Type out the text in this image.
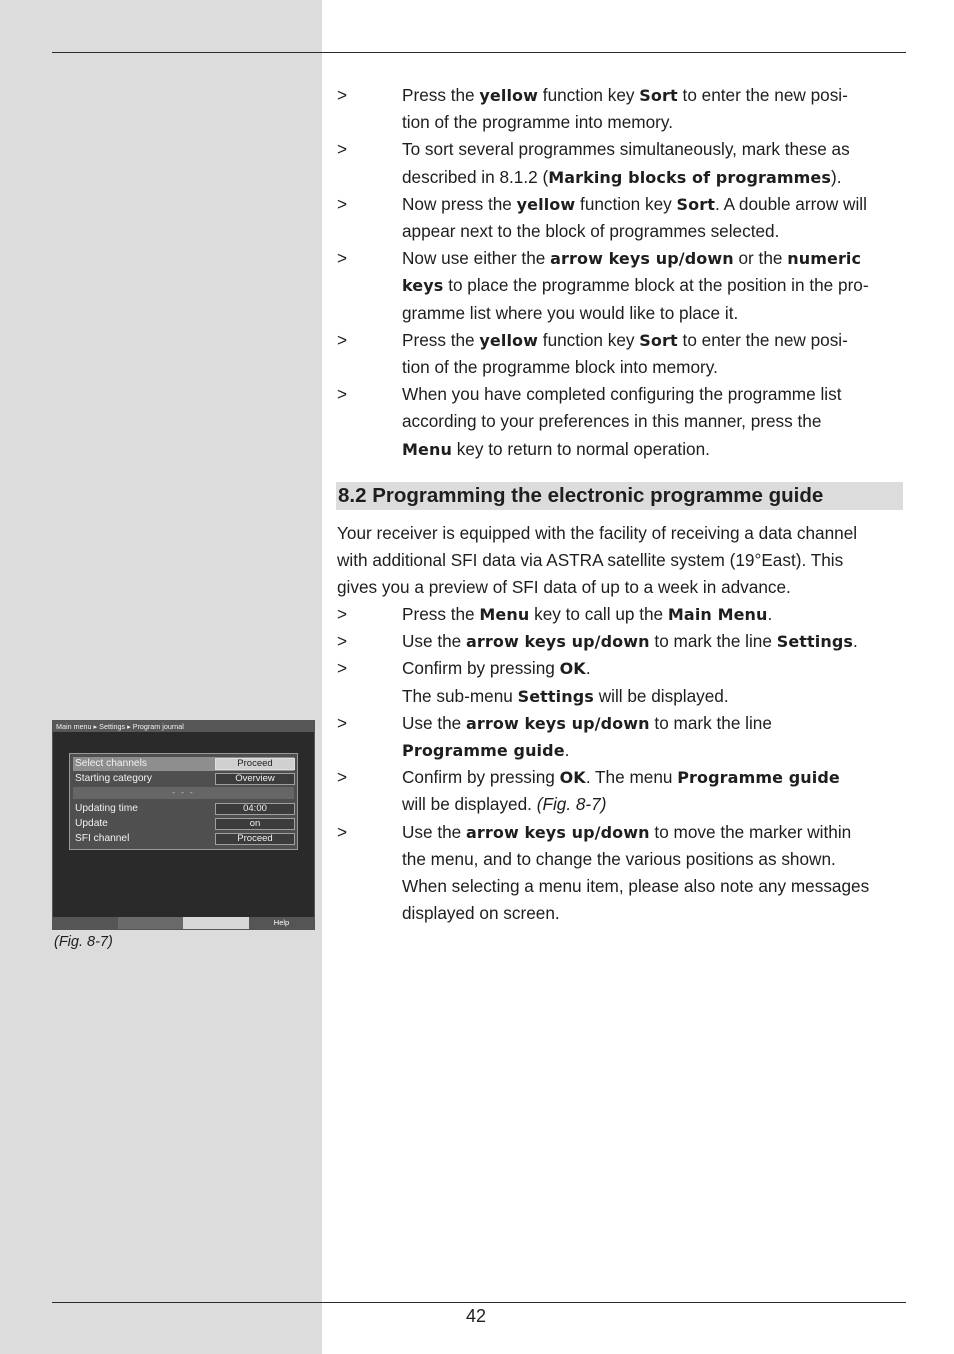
>	Press the yellow function key Sort to enter the new posi-
tion of the programme into memory.
>	To sort several programmes simultaneously, mark these as
described in 8.1.2 (Marking blocks of programmes).
>	Now press the yellow function key Sort. A double arrow will
appear next to the block of programmes selected.
>	Now use either the arrow keys up/down or the numeric
keys to place the programme block at the position in the pro-
gramme list where you would like to place it.
>	Press the yellow function key Sort to enter the new posi-
tion of the programme block into memory.
>	When you have completed configuring the programme list
according to your preferences in this manner, press the
Menu key to return to normal operation.
8.2 Programming the electronic programme guide
Your receiver is equipped with the facility of receiving a data channel
with additional SFI data via ASTRA satellite system (19°East). This
gives you a preview of SFI data of up to a week in advance.
>	Press the Menu key to call up the Main Menu.
>	Use the arrow keys up/down to mark the line Settings.
>	Confirm by pressing OK.
The sub-menu Settings will be displayed.
>	Use the arrow keys up/down to mark the line
Programme guide.
>	Confirm by pressing OK. The menu Programme guide
will be displayed. (Fig. 8-7)
>	Use the arrow keys up/down to move the marker within
the menu, and to change the various positions as shown.
When selecting a menu item, please also note any messages
displayed on screen.
Main menu ▸ Settings ▸ Program journal
Select channels	Proceed
Starting category	Overview
- - -
Updating time	04:00
Update	on
SFI channel	Proceed
Help
(Fig. 8-7)
42
